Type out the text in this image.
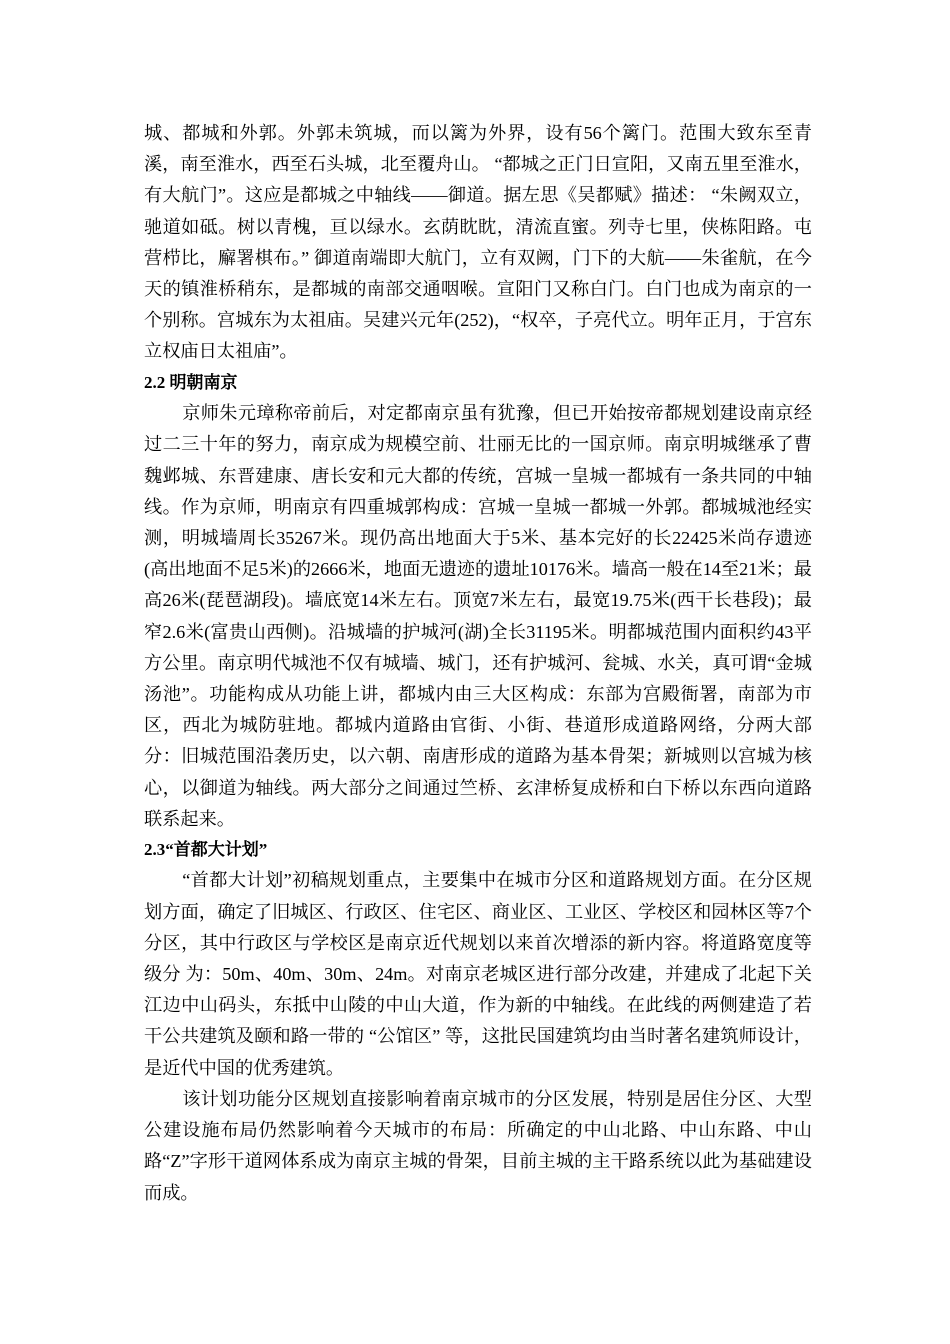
城、都城和外郭。外郭未筑城，而以篱为外界，设有56个篱门。范围大致东至青溪，南至淮水，西至石头城，北至覆舟山。 “都城之正门日宣阳，又南五里至淮水，有大航门”。这应是都城之中轴线——御道。据左思《吴都赋》描述： “朱阙双立，驰道如砥。树以青槐，亘以绿水。玄荫眈眈，清流直蜜。列寺七里，侠栋阳路。屯营栉比，廨署棋布。” 御道南端即大航门，立有双阙，门下的大航——朱雀航，在今天的镇淮桥稍东，是都城的南部交通咽喉。宣阳门又称白门。白门也成为南京的一个别称。宫城东为太祖庙。吴建兴元年(252)，“权卒，子亮代立。明年正月，于宫东立权庙日太祖庙”。

2.2 明朝南京

京师朱元璋称帝前后，对定都南京虽有犹豫，但已开始按帝都规划建设南京经过二三十年的努力，南京成为规模空前、壮丽无比的一国京师。南京明城继承了曹魏邺城、东晋建康、唐长安和元大都的传统，宫城一皇城一都城有一条共同的中轴线。作为京师，明南京有四重城郭构成：宫城一皇城一都城一外郭。都城城池经实测，明城墙周长35267米。现仍高出地面大于5米、基本完好的长22425米尚存遗迹(高出地面不足5米)的2666米，地面无遗迹的遗址10176米。墙高一般在14至21米；最高26米(琵琶湖段)。墙底宽14米左右。顶宽7米左右，最宽19.75米(西干长巷段)；最窄2.6米(富贵山西侧)。沿城墙的护城河(湖)全长31195米。明都城范围内面积约43平方公里。南京明代城池不仅有城墙、城门，还有护城河、瓮城、水关，真可谓“金城汤池”。功能构成从功能上讲，都城内由三大区构成：东部为宫殿衙署，南部为市区，西北为城防驻地。都城内道路由官街、小街、巷道形成道路网络，分两大部分：旧城范围沿袭历史，以六朝、南唐形成的道路为基本骨架；新城则以宫城为核心，以御道为轴线。两大部分之间通过竺桥、玄津桥复成桥和白下桥以东西向道路联系起来。

2.3“首都大计划”

“首都大计划”初稿规划重点，主要集中在城市分区和道路规划方面。在分区规划方面，确定了旧城区、行政区、住宅区、商业区、工业区、学校区和园林区等7个分区，其中行政区与学校区是南京近代规划以来首次增添的新内容。将道路宽度等级分 为：50m、40m、30m、24m。对南京老城区进行部分改建，并建成了北起下关江边中山码头，东抵中山陵的中山大道，作为新的中轴线。在此线的两侧建造了若干公共建筑及颐和路一带的 “公馆区” 等，这批民国建筑均由当时著名建筑师设计，是近代中国的优秀建筑。

该计划功能分区规划直接影响着南京城市的分区发展，特别是居住分区、大型公建设施布局仍然影响着今天城市的布局：所确定的中山北路、中山东路、中山路“Z”字形干道网体系成为南京主城的骨架，目前主城的主干路系统以此为基础建设而成。
